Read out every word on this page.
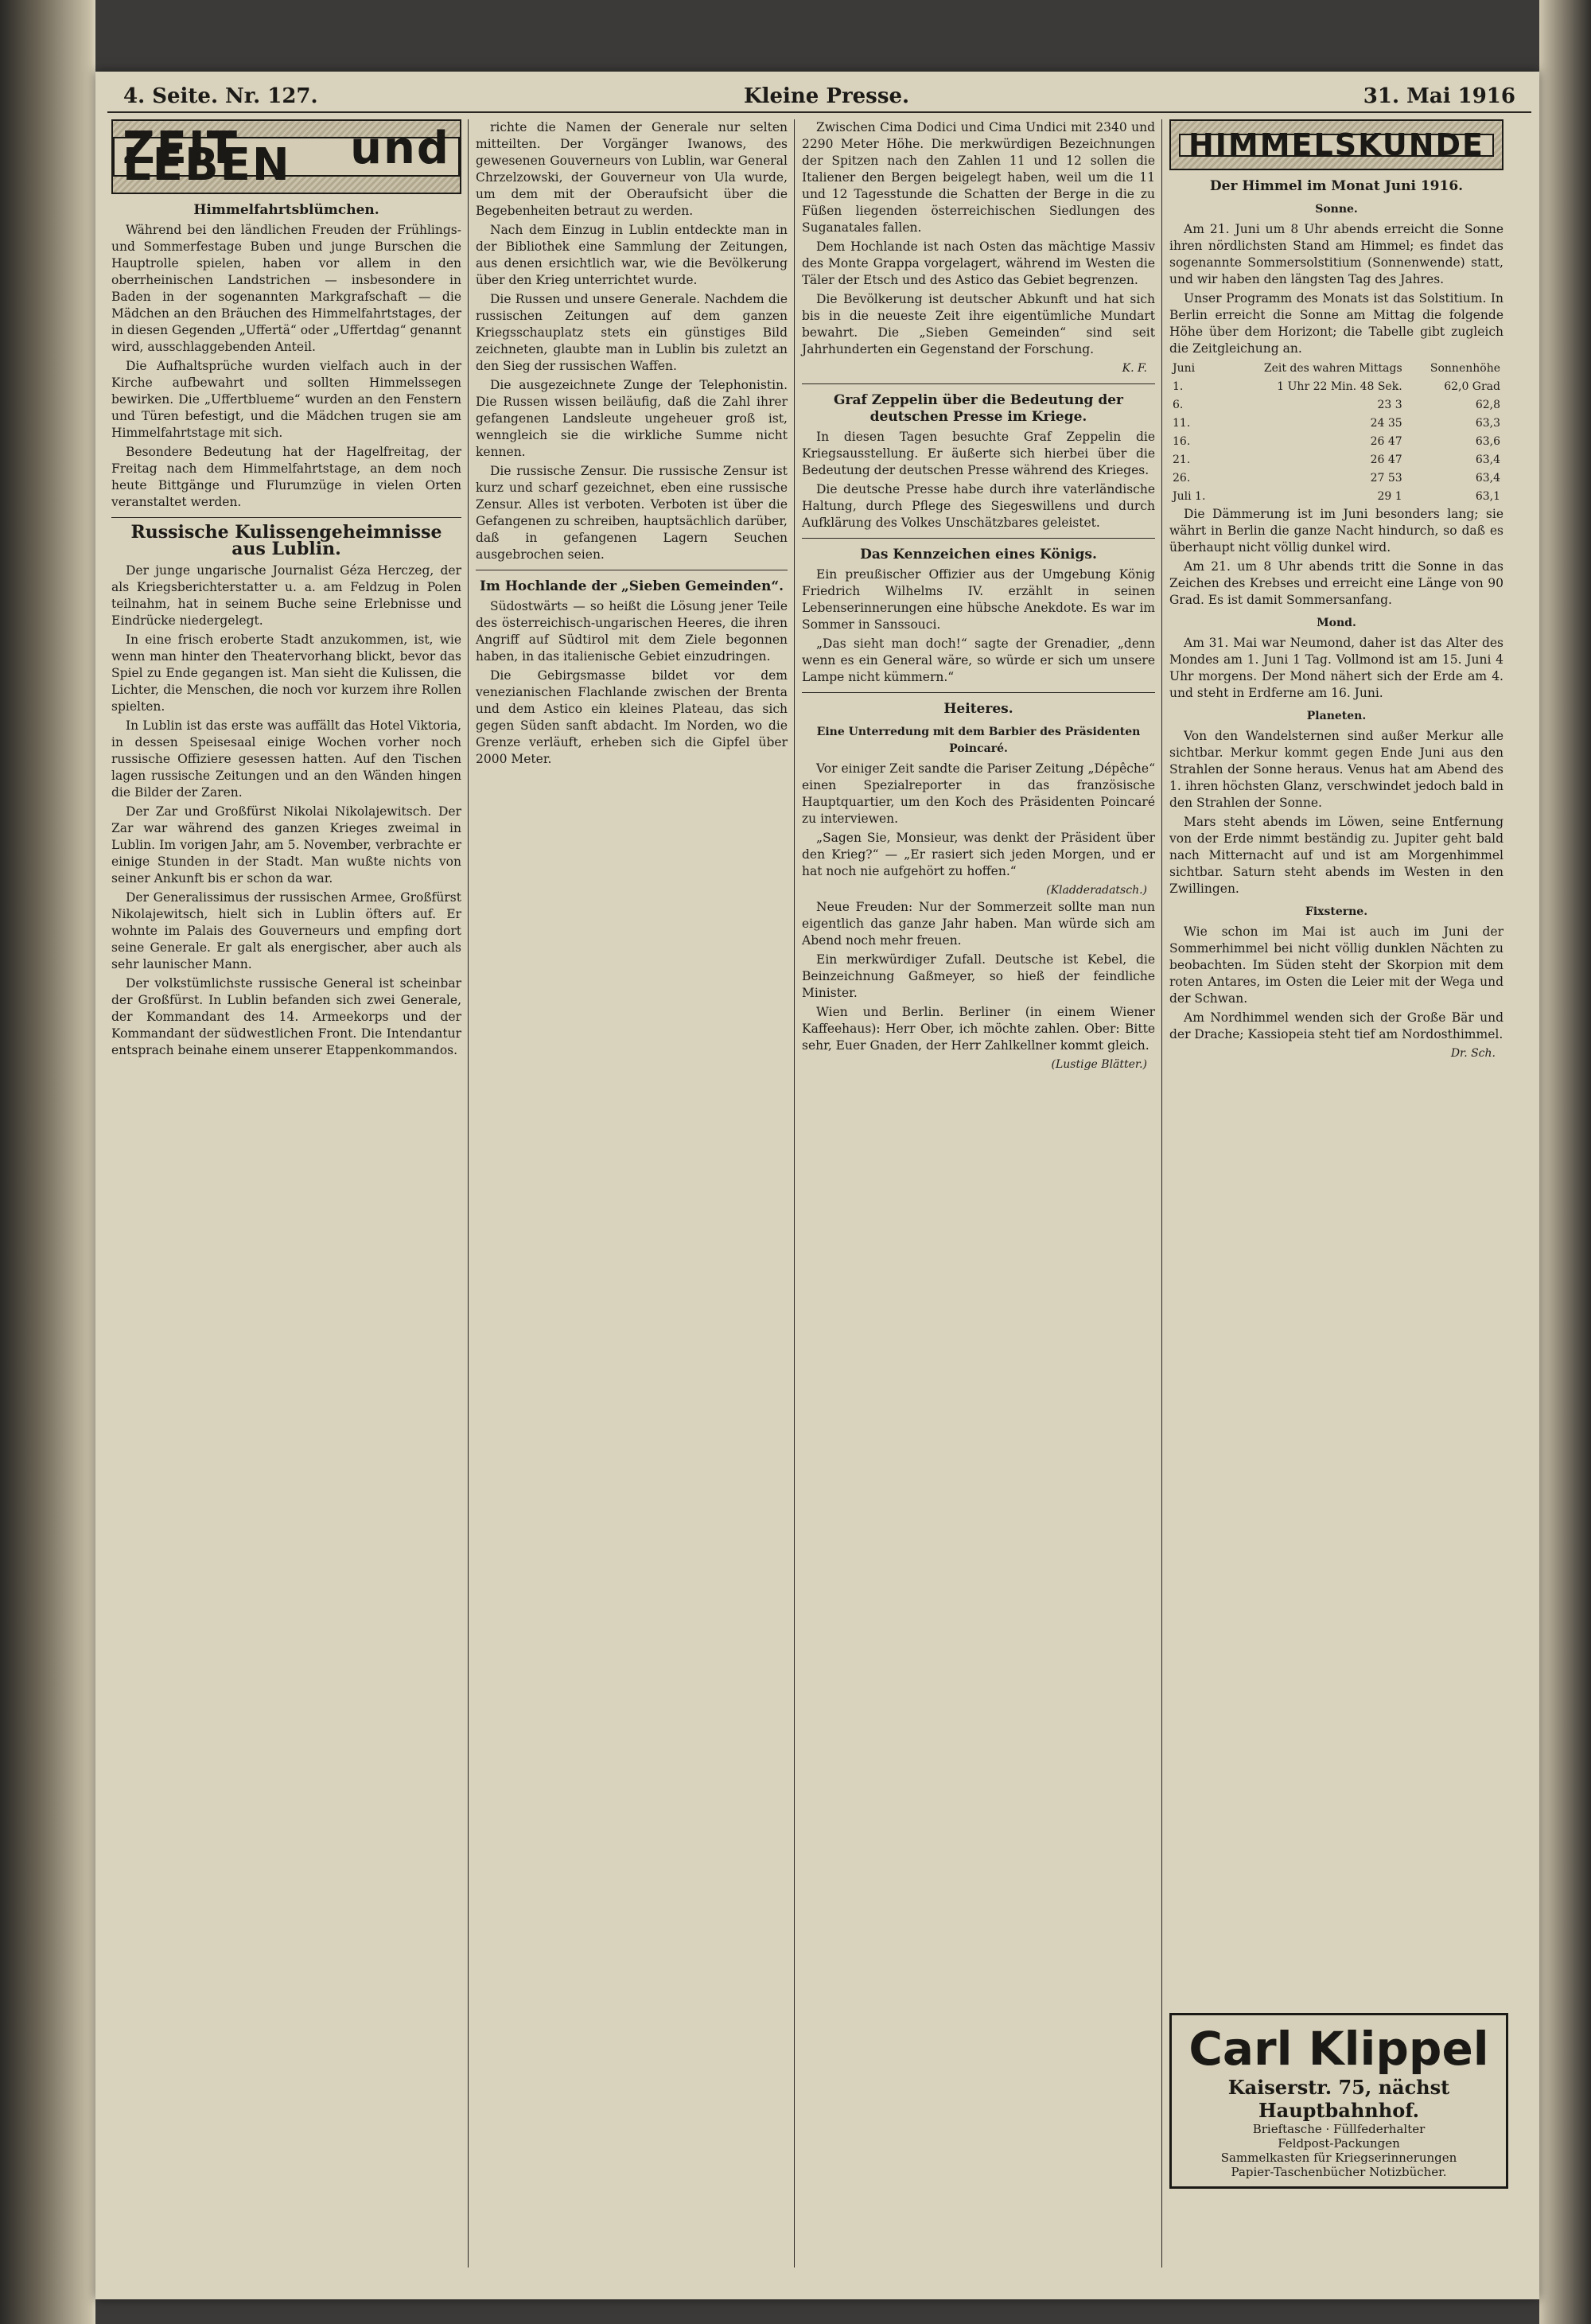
4. Seite. Nr. 127.	Kleine Presse.	31. Mai 1916
ZEIT und LEBEN
Himmelfahrtsblümchen.

Während bei den ländlichen Freuden der Frühlings- und Sommerfestage Buben und junge Burschen die Hauptrolle spielen, haben vor allem in den oberrheinischen Landstrichen — insbesondere in Baden in der sogenannten Markgrafschaft — die Mädchen an den Bräuchen des Himmelfahrtstages, der in diesen Gegenden „Uffertä“ oder „Uffertdag“ genannt wird, ausschlaggebenden Anteil.

Die Aufhaltsprüche wurden vielfach auch in der Kirche aufbewahrt und sollten Himmelssegen bewirken. Die „Uffertblueme“ wurden an den Fenstern und Türen befestigt, und die Mädchen trugen sie am Himmelfahrtstage mit sich.

Besondere Bedeutung hat der Hagelfreitag, der Freitag nach dem Himmelfahrtstage, an dem noch heute Bittgänge und Flurumzüge in vielen Orten veranstaltet werden.

Russische Kulissengeheimnisse aus Lublin.

Der junge ungarische Journalist Géza Herczeg, der als Kriegsberichterstatter u. a. am Feldzug in Polen teilnahm, hat in seinem Buche seine Erlebnisse und Eindrücke niedergelegt.

In eine frisch eroberte Stadt anzukommen, ist, wie wenn man hinter den Theatervorhang blickt, bevor das Spiel zu Ende gegangen ist. Man sieht die Kulissen, die Lichter, die Menschen, die noch vor kurzem ihre Rollen spielten.

In Lublin ist das erste was auffällt das Hotel Viktoria, in dessen Speisesaal einige Wochen vorher noch russische Offiziere gesessen hatten. Auf den Tischen lagen russische Zeitungen und an den Wänden hingen die Bilder der Zaren.

Der Zar und Großfürst Nikolai Nikolajewitsch. Der Zar war während des ganzen Krieges zweimal in Lublin. Im vorigen Jahr, am 5. November, verbrachte er einige Stunden in der Stadt. Man wußte nichts von seiner Ankunft bis er schon da war.

Der Generalissimus der russischen Armee, Großfürst Nikolajewitsch, hielt sich in Lublin öfters auf. Er wohnte im Palais des Gouverneurs und empfing dort seine Generale. Er galt als energischer, aber auch als sehr launischer Mann.

Der volkstümlichste russische General ist scheinbar der Großfürst. In Lublin befanden sich zwei Generale, der Kommandant des 14. Armeekorps und der Kommandant der südwestlichen Front. Die Intendantur entsprach beinahe einem unserer Etappenkommandos.

richte die Namen der Generale nur selten mitteilten. Der Vorgänger Iwanows, des gewesenen Gouverneurs von Lublin, war General Chrzelzowski, der Gouverneur von Ula wurde, um dem mit der Oberaufsicht über die Begebenheiten betraut zu werden.

Nach dem Einzug in Lublin entdeckte man in der Bibliothek eine Sammlung der Zeitungen, aus denen ersichtlich war, wie die Bevölkerung über den Krieg unterrichtet wurde.

Die Russen und unsere Generale. Nachdem die russischen Zeitungen auf dem ganzen Kriegsschauplatz stets ein günstiges Bild zeichneten, glaubte man in Lublin bis zuletzt an den Sieg der russischen Waffen.

Die ausgezeichnete Zunge der Telephonistin. Die Russen wissen beiläufig, daß die Zahl ihrer gefangenen Landsleute ungeheuer groß ist, wenngleich sie die wirkliche Summe nicht kennen.

Die russische Zensur. Die russische Zensur ist kurz und scharf gezeichnet, eben eine russische Zensur. Alles ist verboten. Verboten ist über die Gefangenen zu schreiben, hauptsächlich darüber, daß in gefangenen Lagern Seuchen ausgebrochen seien.

Im Hochlande der „Sieben Gemeinden“.

Südostwärts — so heißt die Lösung jener Teile des österreichisch-ungarischen Heeres, die ihren Angriff auf Südtirol mit dem Ziele begonnen haben, in das italienische Gebiet einzudringen.

Die Gebirgsmasse bildet vor dem venezianischen Flachlande zwischen der Brenta und dem Astico ein kleines Plateau, das sich gegen Süden sanft abdacht. Im Norden, wo die Grenze verläuft, erheben sich die Gipfel über 2000 Meter.

Zwischen Cima Dodici und Cima Undici mit 2340 und 2290 Meter Höhe. Die merkwürdigen Bezeichnungen der Spitzen nach den Zahlen 11 und 12 sollen die Italiener den Bergen beigelegt haben, weil um die 11 und 12 Tagesstunde die Schatten der Berge in die zu Füßen liegenden österreichischen Siedlungen des Suganatales fallen.

Dem Hochlande ist nach Osten das mächtige Massiv des Monte Grappa vorgelagert, während im Westen die Täler der Etsch und des Astico das Gebiet begrenzen.

Die Bevölkerung ist deutscher Abkunft und hat sich bis in die neueste Zeit ihre eigentümliche Mundart bewahrt. Die „Sieben Gemeinden“ sind seit Jahrhunderten ein Gegenstand der Forschung.

K. F.
Graf Zeppelin über die Bedeutung der deutschen Presse im Kriege.

In diesen Tagen besuchte Graf Zeppelin die Kriegsausstellung. Er äußerte sich hierbei über die Bedeutung der deutschen Presse während des Krieges.

Die deutsche Presse habe durch ihre vaterländische Haltung, durch Pflege des Siegeswillens und durch Aufklärung des Volkes Unschätzbares geleistet.

Das Kennzeichen eines Königs.

Ein preußischer Offizier aus der Umgebung König Friedrich Wilhelms IV. erzählt in seinen Lebenserinnerungen eine hübsche Anekdote. Es war im Sommer in Sanssouci.

„Das sieht man doch!“ sagte der Grenadier, „denn wenn es ein General wäre, so würde er sich um unsere Lampe nicht kümmern.“

Heiteres.
Eine Unterredung mit dem Barbier des Präsidenten Poincaré.

Vor einiger Zeit sandte die Pariser Zeitung „Dépêche“ einen Spezialreporter in das französische Hauptquartier, um den Koch des Präsidenten Poincaré zu interviewen.

„Sagen Sie, Monsieur, was denkt der Präsident über den Krieg?“ — „Er rasiert sich jeden Morgen, und er hat noch nie aufgehört zu hoffen.“

(Kladderadatsch.)

Neue Freuden: Nur der Sommerzeit sollte man nun eigentlich das ganze Jahr haben. Man würde sich am Abend noch mehr freuen.

Ein merkwürdiger Zufall. Deutsche ist Kebel, die Beinzeichnung Gaßmeyer, so hieß der feindliche Minister.

Wien und Berlin. Berliner (in einem Wiener Kaffeehaus): Herr Ober, ich möchte zahlen. Ober: Bitte sehr, Euer Gnaden, der Herr Zahlkellner kommt gleich.

(Lustige Blätter.)
HIMMELSKUNDE
Der Himmel im Monat Juni 1916.
Sonne.

Am 21. Juni um 8 Uhr abends erreicht die Sonne ihren nördlichsten Stand am Himmel; es findet das sogenannte Sommersolstitium (Sonnenwende) statt, und wir haben den längsten Tag des Jahres.

Unser Programm des Monats ist das Solstitium. In Berlin erreicht die Sonne am Mittag die folgende Höhe über dem Horizont; die Tabelle gibt zugleich die Zeitgleichung an.

Juni	Zeit des wahren Mittags	Sonnenhöhe
1.	1 Uhr 22 Min. 48 Sek.	62,0 Grad
6.	23 3	62,8
11.	24 35	63,3
16.	26 47	63,6
21.	26 47	63,4
26.	27 53	63,4
Juli 1.	29 1	63,1

Die Dämmerung ist im Juni besonders lang; sie währt in Berlin die ganze Nacht hindurch, so daß es überhaupt nicht völlig dunkel wird.

Am 21. um 8 Uhr abends tritt die Sonne in das Zeichen des Krebses und erreicht eine Länge von 90 Grad. Es ist damit Sommersanfang.

Mond.

Am 31. Mai war Neumond, daher ist das Alter des Mondes am 1. Juni 1 Tag. Vollmond ist am 15. Juni 4 Uhr morgens. Der Mond nähert sich der Erde am 4. und steht in Erdferne am 16. Juni.

Planeten.

Von den Wandelsternen sind außer Merkur alle sichtbar. Merkur kommt gegen Ende Juni aus den Strahlen der Sonne heraus. Venus hat am Abend des 1. ihren höchsten Glanz, verschwindet jedoch bald in den Strahlen der Sonne.

Mars steht abends im Löwen, seine Entfernung von der Erde nimmt beständig zu. Jupiter geht bald nach Mitternacht auf und ist am Morgenhimmel sichtbar. Saturn steht abends im Westen in den Zwillingen.

Fixsterne.

Wie schon im Mai ist auch im Juni der Sommerhimmel bei nicht völlig dunklen Nächten zu beobachten. Im Süden steht der Skorpion mit dem roten Antares, im Osten die Leier mit der Wega und der Schwan.

Am Nordhimmel wenden sich der Große Bär und der Drache; Kassiopeia steht tief am Nordosthimmel.

Dr. Sch.
Carl Klippel
Kaiserstr. 75, nächst Hauptbahnhof.
Brieftasche · Füllfederhalter
Feldpost-Packungen
Sammelkasten für Kriegserinnerungen
Papier-Taschenbücher Notizbücher.
